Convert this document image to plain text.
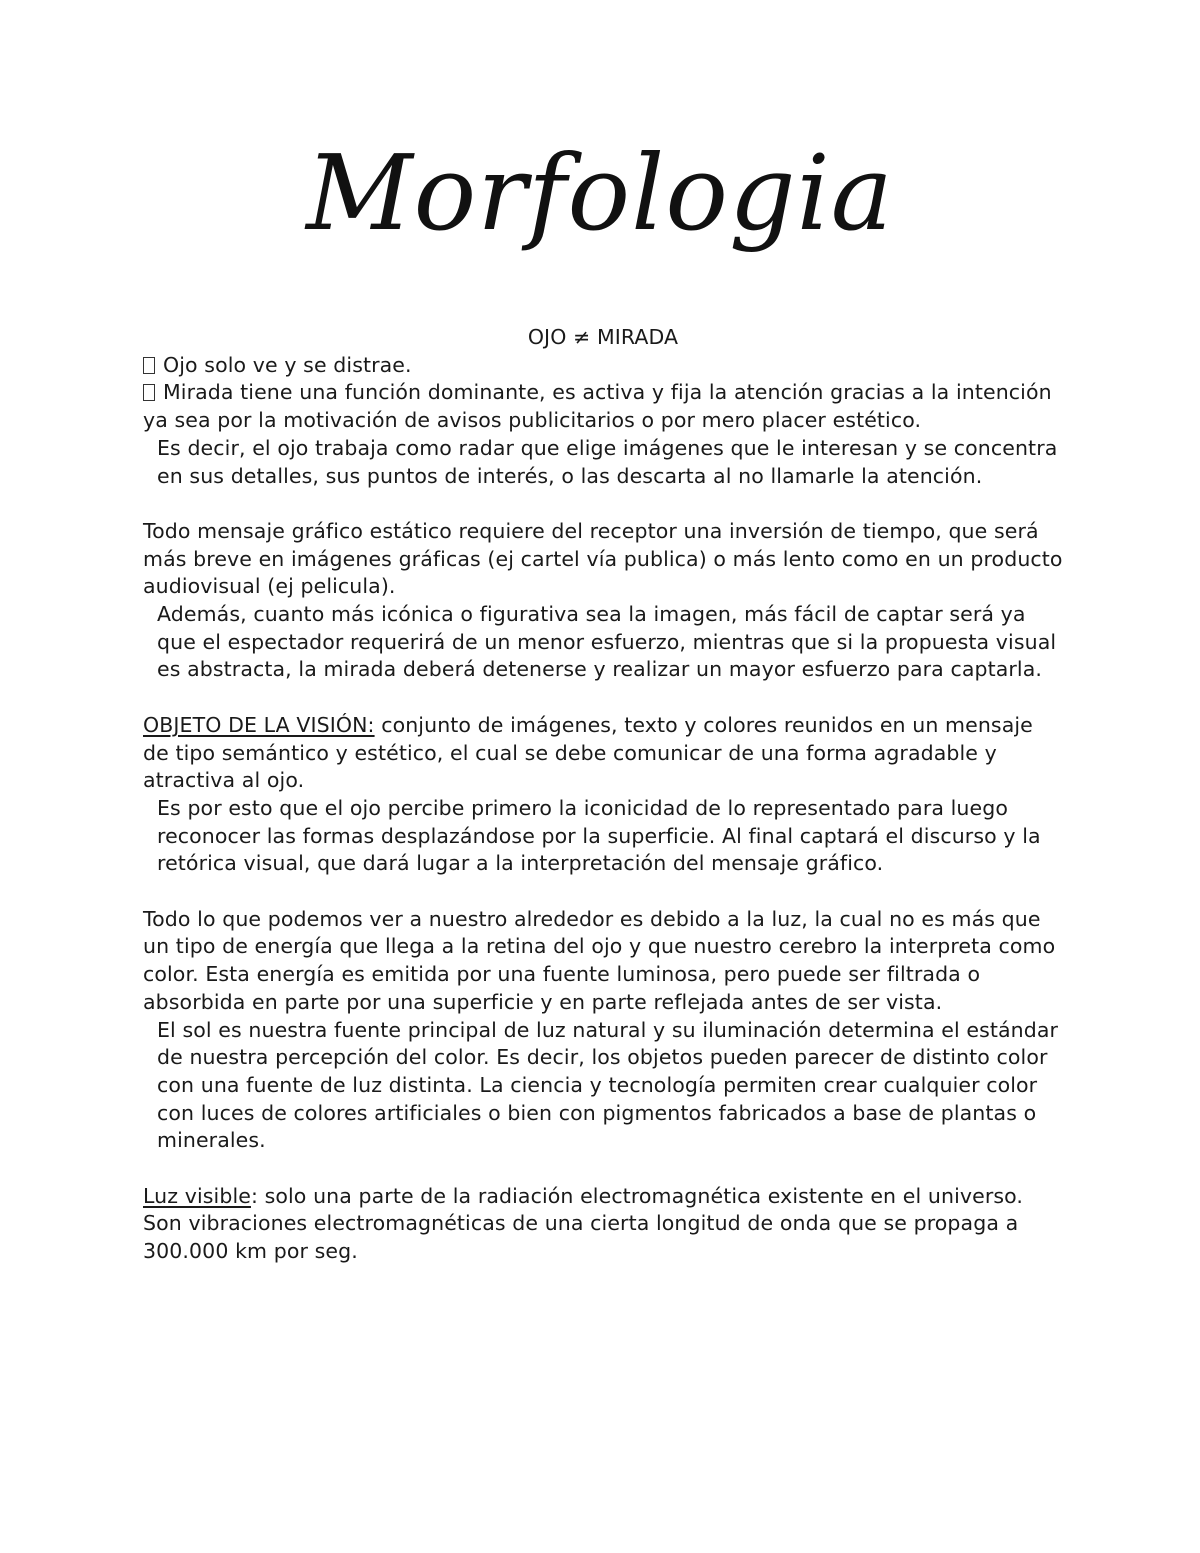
Morfologia

OJO ≠ MIRADA

Ojo solo ve y se distrae.

Mirada tiene una función dominante, es activa y fija la atención gracias a la intención ya sea por la motivación de avisos publicitarios o por mero placer estético.

Es decir, el ojo trabaja como radar que elige imágenes que le interesan y se concentra en sus detalles, sus puntos de interés, o las descarta al no llamarle la atención.

Todo mensaje gráfico estático requiere del receptor una inversión de tiempo, que será más breve en imágenes gráficas (ej cartel vía publica) o más lento como en un producto audiovisual (ej pelicula).

Además, cuanto más icónica o figurativa sea la imagen, más fácil de captar será ya que el espectador requerirá de un menor esfuerzo, mientras que si la propuesta visual es abstracta, la mirada deberá detenerse y realizar un mayor esfuerzo para captarla.

OBJETO DE LA VISIÓN: conjunto de imágenes, texto y colores reunidos en un mensaje de tipo semántico y estético, el cual se debe comunicar de una forma agradable y atractiva al ojo.

Es por esto que el ojo percibe primero la iconicidad de lo representado para luego reconocer las formas desplazándose por la superficie. Al final captará el discurso y la retórica visual, que dará lugar a la interpretación del mensaje gráfico.

Todo lo que podemos ver a nuestro alrededor es debido a la luz, la cual no es más que un tipo de energía que llega a la retina del ojo y que nuestro cerebro la interpreta como color. Esta energía es emitida por una fuente luminosa, pero puede ser filtrada o absorbida en parte por una superficie y en parte reflejada antes de ser vista.

El sol es nuestra fuente principal de luz natural y su iluminación determina el estándar de nuestra percepción del color. Es decir, los objetos pueden parecer de distinto color con una fuente de luz distinta. La ciencia y tecnología permiten crear cualquier color con luces de colores artificiales o bien con pigmentos fabricados a base de plantas o minerales.

Luz visible: solo una parte de la radiación electromagnética existente en el universo. Son vibraciones electromagnéticas de una cierta longitud de onda que se propaga a 300.000 km por seg.
